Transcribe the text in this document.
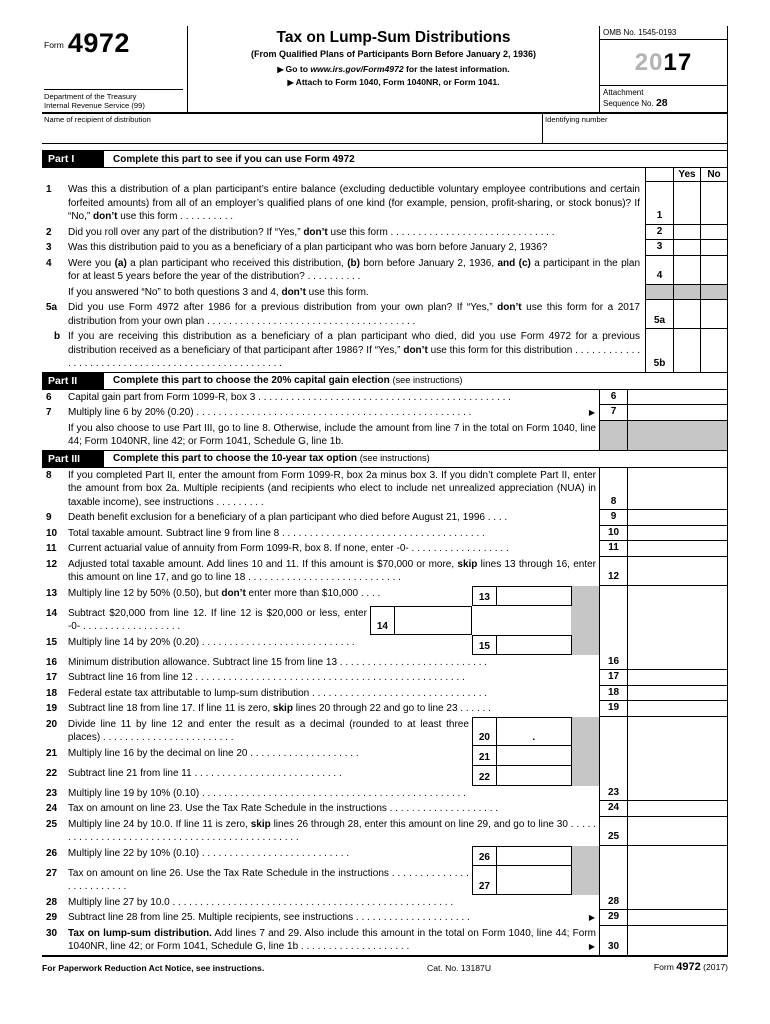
Form 4972
Department of the Treasury
Internal Revenue Service (99)
Tax on Lump-Sum Distributions
(From Qualified Plans of Participants Born Before January 2, 1936)
▶ Go to www.irs.gov/Form4972 for the latest information.
▶ Attach to Form 1040, Form 1040NR, or Form 1041.
OMB No. 1545-0193
20 17
Attachment
Sequence No. 28
Name of recipient of distribution	Identifying number
Part I	Complete this part to see if you can use Form 4972
Yes	No
1	Was this a distribution of a plan participant’s entire balance (excluding deductible voluntary employee contributions and certain forfeited amounts) from all of an employer’s qualified plans of one kind (for example, pension, profit-sharing, or stock bonus)? If “No,” don’t use this form . . . . . . . . . .	1
2	Did you roll over any part of the distribution? If “Yes,” don’t use this form . . . . . . . . . . . . . . . . . . . . . . . . . . . . . .	2
3	Was this distribution paid to you as a beneficiary of a plan participant who was born before January 2, 1936?	3
4	Were you (a) a plan participant who received this distribution, (b) born before January 2, 1936, and (c) a participant in the plan for at least 5 years before the year of the distribution? . . . . . . . . . .	4
If you answered “No” to both questions 3 and 4, don’t use this form.
5a	Did you use Form 4972 after 1986 for a previous distribution from your own plan? If “Yes,” don’t use this form for a 2017 distribution from your own plan . . . . . . . . . . . . . . . . . . . . . . . . . . . . . . . . . . . . . .	5a
b If you are receiving this distribution as a beneficiary of a plan participant who died, did you use Form 4972 for a previous distribution received as a beneficiary of that participant after 1986? If “Yes,” don’t use this form for this distribution . . . . . . . . . . . . . . . . . . . . . . . . . . . . . . . . . . . . . . . . . . . . . . . . . . .	5b
Part II	Complete this part to choose the 20% capital gain election (see instructions)
6	Capital gain part from Form 1099-R, box 3 . . . . . . . . . . . . . . . . . . . . . . . . . . . . . . . . . . . . . . . . . . . . . .	6
7	Multiply line 6 by 20% (0.20) . . . . . . . . . . . . . . . . . . . . . . . . . . . . . . . . . . . . . . . . . . . . . . . . . .	▶ 7
If you also choose to use Part III, go to line 8. Otherwise, include the amount from line 7 in the total on Form 1040, line 44; Form 1040NR, line 42; or Form 1041, Schedule G, line 1b.
Part III	Complete this part to choose the 10-year tax option (see instructions)
8	If you completed Part II, enter the amount from Form 1099-R, box 2a minus box 3. If you didn’t complete Part II, enter the amount from box 2a. Multiple recipients (and recipients who elect to include net unrealized appreciation (NUA) in taxable income), see instructions . . . . . . . . .	8
9	Death benefit exclusion for a beneficiary of a plan participant who died before August 21, 1996 . . . .	9
10	Total taxable amount. Subtract line 9 from line 8 . . . . . . . . . . . . . . . . . . . . . . . . . . . . . . . . . . . . .	10
11	Current actuarial value of annuity from Form 1099-R, box 8. If none, enter -0- . . . . . . . . . . . . . . . . . .	11
12	Adjusted total taxable amount. Add lines 10 and 11. If this amount is $70,000 or more, skip lines 13 through 16, enter this amount on line 17, and go to line 18 . . . . . . . . . . . . . . . . . . . . . . . . . . . .	12
13	Multiply line 12 by 50% (0.50), but don’t enter more than $10,000 . . . .	13
14	Subtract $20,000 from line 12. If line 12 is $20,000 or less, enter -0- . . . . . . . . . . . . . . . . . .	14
15	Multiply line 14 by 20% (0.20) . . . . . . . . . . . . . . . . . . . . . . . . . . . .	15
16	Minimum distribution allowance. Subtract line 15 from line 13 . . . . . . . . . . . . . . . . . . . . . . . . . . .	16
17	Subtract line 16 from line 12 . . . . . . . . . . . . . . . . . . . . . . . . . . . . . . . . . . . . . . . . . . . . . . . . .	17
18	Federal estate tax attributable to lump-sum distribution . . . . . . . . . . . . . . . . . . . . . . . . . . . . . . . .	18
19	Subtract line 18 from line 17. If line 11 is zero, skip lines 20 through 22 and go to line 23 . . . . . .	19
20	Divide line 11 by line 12 and enter the result as a decimal (rounded to at least three places) . . . . . . . . . . . . . . . . . . . . . . . .	20	.
21	Multiply line 16 by the decimal on line 20 . . . . . . . . . . . . . . . . . . . .	21
22	Subtract line 21 from line 11 . . . . . . . . . . . . . . . . . . . . . . . . . . .	22
23	Multiply line 19 by 10% (0.10) . . . . . . . . . . . . . . . . . . . . . . . . . . . . . . . . . . . . . . . . . . . . . . . .	23
24	Tax on amount on line 23. Use the Tax Rate Schedule in the instructions . . . . . . . . . . . . . . . . . . . .	24
25	Multiply line 24 by 10.0. If line 11 is zero, skip lines 26 through 28, enter this amount on line 29, and go to line 30 . . . . . . . . . . . . . . . . . . . . . . . . . . . . . . . . . . . . . . . . . . . . . . .	25
26	Multiply line 22 by 10% (0.10) . . . . . . . . . . . . . . . . . . . . . . . . . . .	26
27	Tax on amount on line 26. Use the Tax Rate Schedule in the instructions . . . . . . . . . . . . . . . . . . . . . . . . .	27
28	Multiply line 27 by 10.0 . . . . . . . . . . . . . . . . . . . . . . . . . . . . . . . . . . . . . . . . . . . . . . . . . . .	28
29	Subtract line 28 from line 25. Multiple recipients, see instructions . . . . . . . . . . . . . . . . . . . . .	▶ 29
30	Tax on lump-sum distribution. Add lines 7 and 29. Also include this amount in the total on Form 1040, line 44; Form 1040NR, line 42; or Form 1041, Schedule G, line 1b . . . . . . . . . . . . . . . . . . . .	▶ 30
For Paperwork Reduction Act Notice, see instructions.	Cat. No. 13187U	Form 4972 (2017)
